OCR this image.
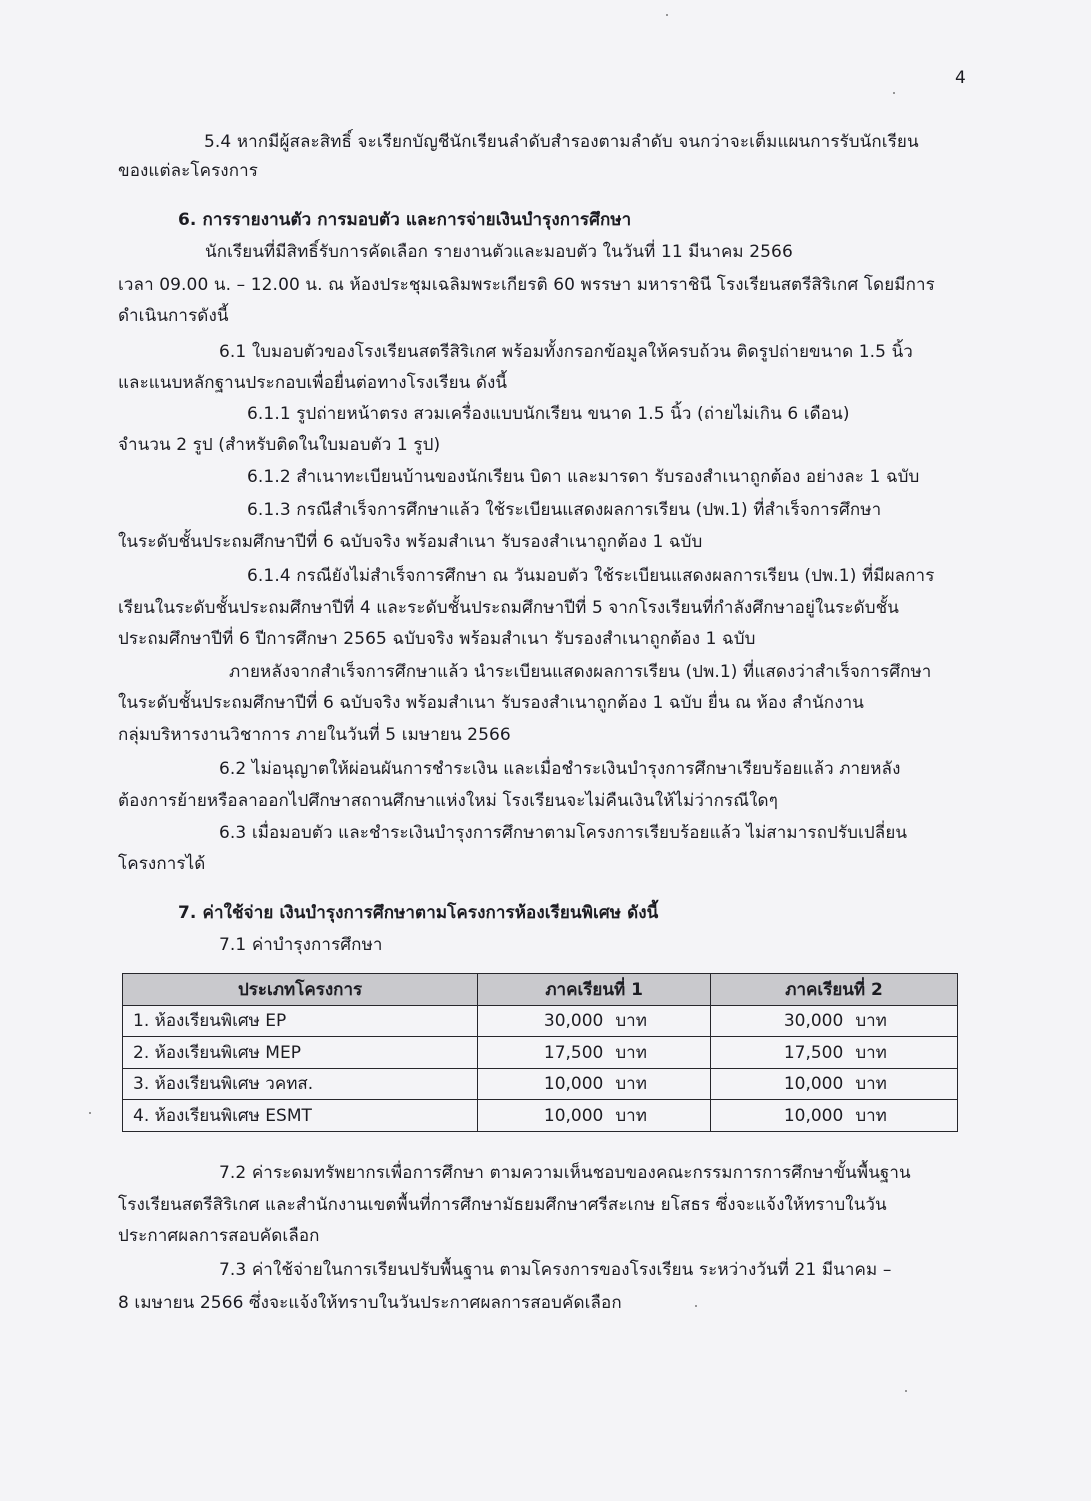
4
5.4 หากมีผู้สละสิทธิ์ จะเรียกบัญชีนักเรียนลำดับสำรองตามลำดับ จนกว่าจะเต็มแผนการรับนักเรียน
ของแต่ละโครงการ
6. การรายงานตัว การมอบตัว และการจ่ายเงินบำรุงการศึกษา
นักเรียนที่มีสิทธิ์รับการคัดเลือก รายงานตัวและมอบตัว ในวันที่ 11 มีนาคม 2566
เวลา 09.00 น. – 12.00 น. ณ ห้องประชุมเฉลิมพระเกียรติ 60 พรรษา มหาราชินี โรงเรียนสตรีสิริเกศ โดยมีการ
ดำเนินการดังนี้
6.1 ใบมอบตัวของโรงเรียนสตรีสิริเกศ พร้อมทั้งกรอกข้อมูลให้ครบถ้วน ติดรูปถ่ายขนาด 1.5 นิ้ว
และแนบหลักฐานประกอบเพื่อยื่นต่อทางโรงเรียน ดังนี้
6.1.1 รูปถ่ายหน้าตรง สวมเครื่องแบบนักเรียน ขนาด 1.5 นิ้ว (ถ่ายไม่เกิน 6 เดือน)
จำนวน 2 รูป (สำหรับติดในใบมอบตัว 1 รูป)
6.1.2 สำเนาทะเบียนบ้านของนักเรียน บิดา และมารดา รับรองสำเนาถูกต้อง อย่างละ 1 ฉบับ
6.1.3 กรณีสำเร็จการศึกษาแล้ว ใช้ระเบียนแสดงผลการเรียน (ปพ.1) ที่สำเร็จการศึกษา
ในระดับชั้นประถมศึกษาปีที่ 6 ฉบับจริง พร้อมสำเนา รับรองสำเนาถูกต้อง 1 ฉบับ
6.1.4 กรณียังไม่สำเร็จการศึกษา ณ วันมอบตัว ใช้ระเบียนแสดงผลการเรียน (ปพ.1) ที่มีผลการ
เรียนในระดับชั้นประถมศึกษาปีที่ 4 และระดับชั้นประถมศึกษาปีที่ 5 จากโรงเรียนที่กำลังศึกษาอยู่ในระดับชั้น
ประถมศึกษาปีที่ 6 ปีการศึกษา 2565 ฉบับจริง พร้อมสำเนา รับรองสำเนาถูกต้อง 1 ฉบับ
ภายหลังจากสำเร็จการศึกษาแล้ว นำระเบียนแสดงผลการเรียน (ปพ.1) ที่แสดงว่าสำเร็จการศึกษา
ในระดับชั้นประถมศึกษาปีที่ 6 ฉบับจริง พร้อมสำเนา รับรองสำเนาถูกต้อง 1 ฉบับ ยื่น ณ ห้อง สำนักงาน
กลุ่มบริหารงานวิชาการ ภายในวันที่ 5 เมษายน 2566
6.2 ไม่อนุญาตให้ผ่อนผันการชำระเงิน และเมื่อชำระเงินบำรุงการศึกษาเรียบร้อยแล้ว ภายหลัง
ต้องการย้ายหรือลาออกไปศึกษาสถานศึกษาแห่งใหม่ โรงเรียนจะไม่คืนเงินให้ไม่ว่ากรณีใดๆ
6.3 เมื่อมอบตัว และชำระเงินบำรุงการศึกษาตามโครงการเรียบร้อยแล้ว ไม่สามารถปรับเปลี่ยน
โครงการได้
7. ค่าใช้จ่าย เงินบำรุงการศึกษาตามโครงการห้องเรียนพิเศษ ดังนี้
7.1 ค่าบำรุงการศึกษา
ประเภทโครงการ	ภาคเรียนที่ 1	ภาคเรียนที่ 2
1. ห้องเรียนพิเศษ EP	30,000 บาท	30,000 บาท
2. ห้องเรียนพิเศษ MEP	17,500 บาท	17,500 บาท
3. ห้องเรียนพิเศษ วคทส.	10,000 บาท	10,000 บาท
4. ห้องเรียนพิเศษ ESMT	10,000 บาท	10,000 บาท
7.2 ค่าระดมทรัพยากรเพื่อการศึกษา ตามความเห็นชอบของคณะกรรมการการศึกษาขั้นพื้นฐาน
โรงเรียนสตรีสิริเกศ และสำนักงานเขตพื้นที่การศึกษามัธยมศึกษาศรีสะเกษ ยโสธร ซึ่งจะแจ้งให้ทราบในวัน
ประกาศผลการสอบคัดเลือก
7.3 ค่าใช้จ่ายในการเรียนปรับพื้นฐาน ตามโครงการของโรงเรียน ระหว่างวันที่ 21 มีนาคม –
8 เมษายน 2566 ซึ่งจะแจ้งให้ทราบในวันประกาศผลการสอบคัดเลือก
